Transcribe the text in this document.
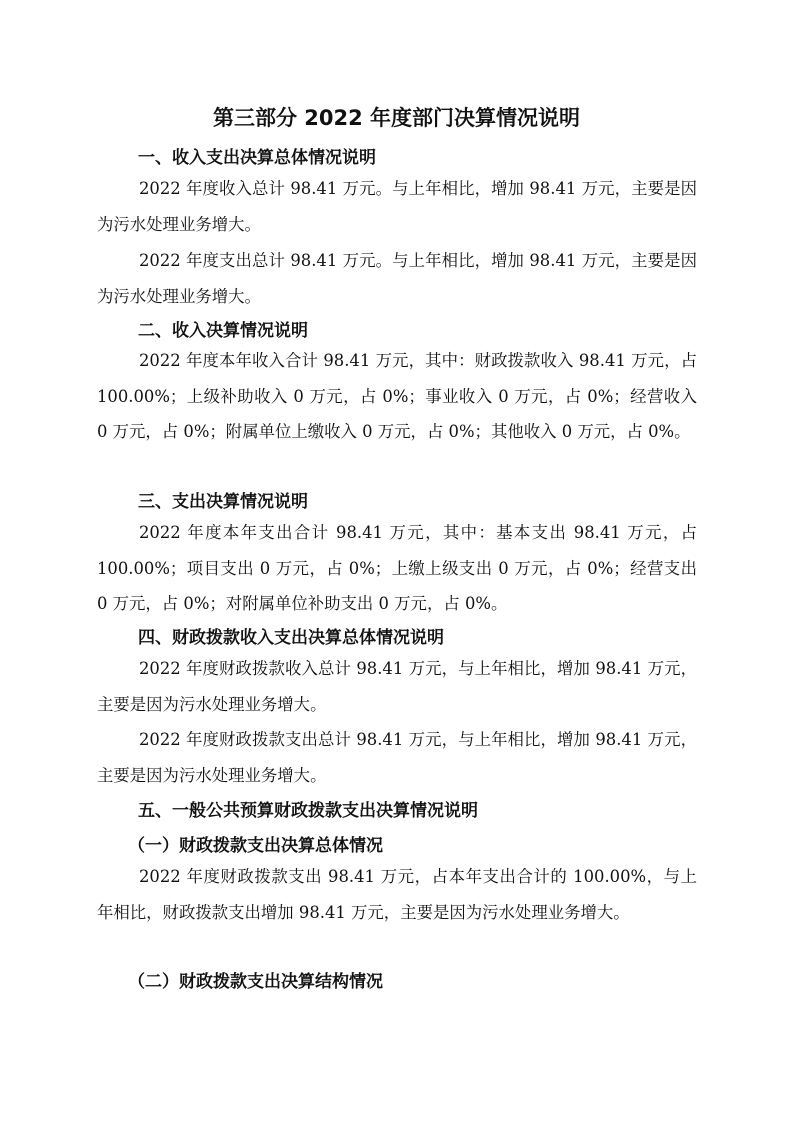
第三部分 2022 年度部门决算情况说明
一、收入支出决算总体情况说明

2022 年度收入总计 98.41 万元。与上年相比，增加 98.41 万元，主要是因为污水处理业务增大。

2022 年度支出总计 98.41 万元。与上年相比，增加 98.41 万元，主要是因为污水处理业务增大。

二、收入决算情况说明

2022 年度本年收入合计 98.41 万元，其中：财政拨款收入 98.41 万元，占 100.00%；上级补助收入 0 万元，占 0%；事业收入 0 万元，占 0%；经营收入 0 万元，占 0%；附属单位上缴收入 0 万元，占 0%；其他收入 0 万元，占 0%。

三、支出决算情况说明

2022 年度本年支出合计 98.41 万元，其中：基本支出 98.41 万元，占 100.00%；项目支出 0 万元，占 0%；上缴上级支出 0 万元，占 0%；经营支出 0 万元，占 0%；对附属单位补助支出 0 万元，占 0%。

四、财政拨款收入支出决算总体情况说明

2022 年度财政拨款收入总计 98.41 万元，与上年相比，增加 98.41 万元，主要是因为污水处理业务增大。

2022 年度财政拨款支出总计 98.41 万元，与上年相比，增加 98.41 万元，主要是因为污水处理业务增大。

五、一般公共预算财政拨款支出决算情况说明
（一）财政拨款支出决算总体情况

2022 年度财政拨款支出 98.41 万元，占本年支出合计的 100.00%，与上年相比，财政拨款支出增加 98.41 万元，主要是因为污水处理业务增大。

（二）财政拨款支出决算结构情况
